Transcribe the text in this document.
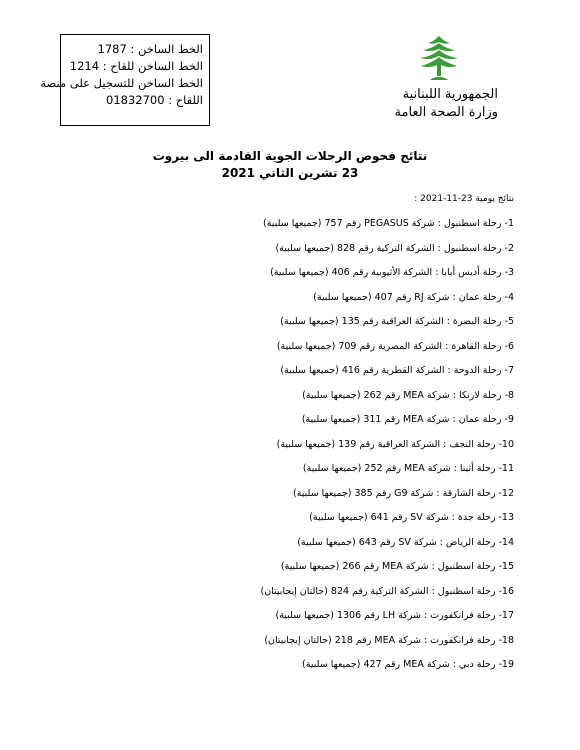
الخط الساخن : 1787
الخط الساخن للقاح : 1214
الخط الساخن للتسجيل على منصة
اللقاح : 01832700	الجمهورية اللبنانية
وزارة الصحة العامة
نتائج فحوص الرحلات الجوية القادمة الى بيروت
23 تشرين الثاني 2021
نتائج يومية 23-11-2021 :
1- رحلة اسطنبول : شركة PEGASUS رقم 757 (جميعها سلبية)
2- رحلة اسطنبول : الشركة التركية رقم 828 (جميعها سلبية)
3- رحلة أديس أبابا : الشركة الأثيوبية رقم 406 (جميعها سلبية)
4- رحلة عمان : شركة RJ رقم 407 (جميعها سلبية)
5- رحلة البصرة : الشركة العراقية رقم 135 (جميعها سلبية)
6- رحلة القاهرة : الشركة المصرية رقم 709 (جميعها سلبية)
7- رحلة الدوحة : الشركة القطرية رقم 416 (جميعها سلبية)
8- رحلة لارنكا : شركة MEA رقم 262 (جميعها سلبية)
9- رحلة عمان : شركة MEA رقم 311 (جميعها سلبية)
10- رحلة النجف : الشركة العراقية رقم 139 (جميعها سلبية)
11- رحلة أثينا : شركة MEA رقم 252 (جميعها سلبية)
12- رحلة الشارقة : شركة G9 رقم 385 (جميعها سلبية)
13- رحلة جدة : شركة SV رقم 641 (جميعها سلبية)
14- رحلة الرياض : شركة SV رقم 643 (جميعها سلبية)
15- رحلة اسطنبول : شركة MEA رقم 266 (جميعها سلبية)
16- رحلة اسطنبول : الشركة التركية رقم 824 (حالتان إيجابيتان)
17- رحلة فرانكفورت : شركة LH رقم 1306 (جميعها سلبية)
18- رحلة فرانكفورت : شركة MEA رقم 218 (حالتان إيجابيتان)
19- رحلة دبي : شركة MEA رقم 427 (جميعها سلبية)
